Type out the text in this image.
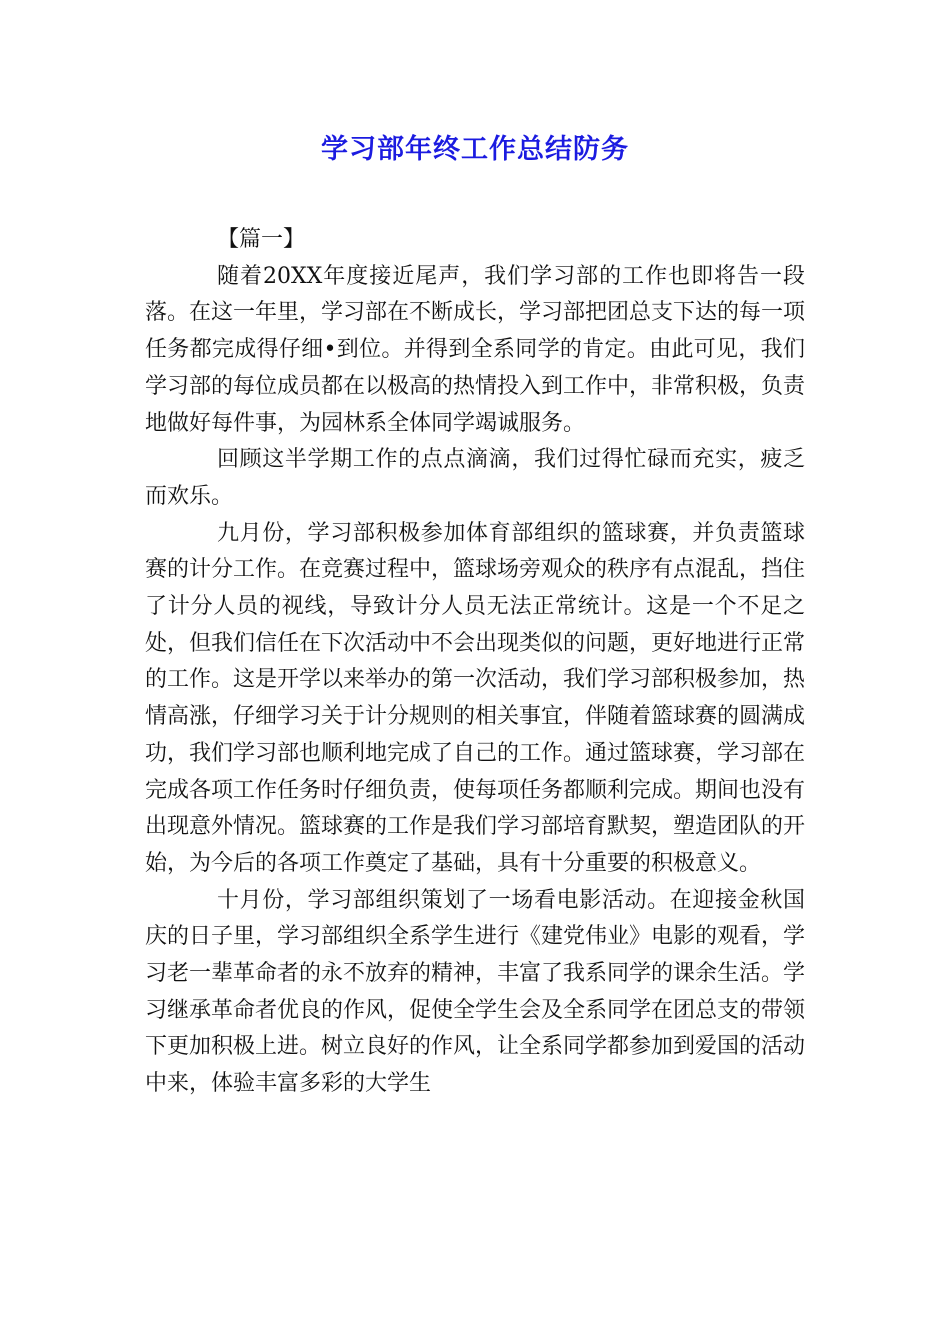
学习部年终工作总结防务

【篇一】

随着20XX年度接近尾声，我们学习部的工作也即将告一段落。在这一年里，学习部在不断成长，学习部把团总支下达的每一项任务都完成得仔细•到位。并得到全系同学的肯定。由此可见，我们学习部的每位成员都在以极高的热情投入到工作中，非常积极，负责地做好每件事，为园林系全体同学竭诚服务。

回顾这半学期工作的点点滴滴，我们过得忙碌而充实，疲乏而欢乐。

九月份，学习部积极参加体育部组织的篮球赛，并负责篮球赛的计分工作。在竞赛过程中，篮球场旁观众的秩序有点混乱，挡住了计分人员的视线，导致计分人员无法正常统计。这是一个不足之处，但我们信任在下次活动中不会出现类似的问题，更好地进行正常的工作。这是开学以来举办的第一次活动，我们学习部积极参加，热情高涨，仔细学习关于计分规则的相关事宜，伴随着篮球赛的圆满成功，我们学习部也顺利地完成了自己的工作。通过篮球赛，学习部在完成各项工作任务时仔细负责，使每项任务都顺利完成。期间也没有出现意外情况。篮球赛的工作是我们学习部培育默契，塑造团队的开始，为今后的各项工作奠定了基础，具有十分重要的积极意义。

十月份，学习部组织策划了一场看电影活动。在迎接金秋国庆的日子里，学习部组织全系学生进行《建党伟业》电影的观看，学习老一辈革命者的永不放弃的精神，丰富了我系同学的课余生活。学习继承革命者优良的作风，促使全学生会及全系同学在团总支的带领下更加积极上进。树立良好的作风，让全系同学都参加到爱国的活动中来，体验丰富多彩的大学生
